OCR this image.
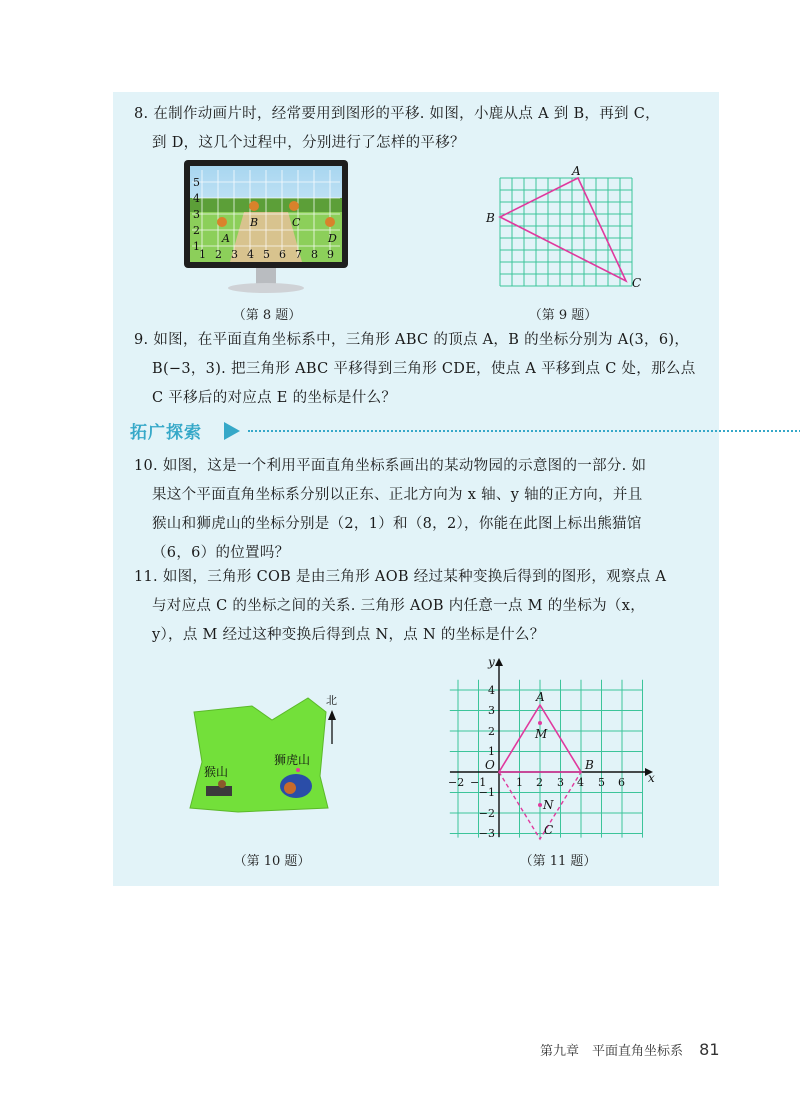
8. 在制作动画片时，经常要用到图形的平移. 如图，小鹿从点 A 到 B，再到 C，
到 D，这几个过程中，分别进行了怎样的平移？
5
4
3
2
1
1 2 3 4 5 6 7 8 9
A
B	C
D
（第 8 题）
A
B
C
（第 9 题）
9. 如图，在平面直角坐标系中，三角形 ABC 的顶点 A，B 的坐标分别为 A(3，6)，
B(−3，3). 把三角形 ABC 平移得到三角形 CDE，使点 A 平移到点 C 处，那么点
C 平移后的对应点 E 的坐标是什么？
拓广探索
10. 如图，这是一个利用平面直角坐标系画出的某动物园的示意图的一部分. 如
果这个平面直角坐标系分别以正东、正北方向为 x 轴、y 轴的正方向，并且
猴山和狮虎山的坐标分别是（2，1）和（8，2），你能在此图上标出熊猫馆
（6，6）的位置吗？
11. 如图，三角形 COB 是由三角形 AOB 经过某种变换后得到的图形，观察点 A
与对应点 C 的坐标之间的关系. 三角形 AOB 内任意一点 M 的坐标为（x，
y），点 M 经过这种变换后得到点 N，点 N 的坐标是什么？
北
猴山
狮虎山
（第 10 题）
A
M
B
N
C
O
x
y
−2 −1	1 2 3 4 5 6
4
3
2
1
−1
−2
−3
（第 11 题）
第九章　平面直角坐标系 81
